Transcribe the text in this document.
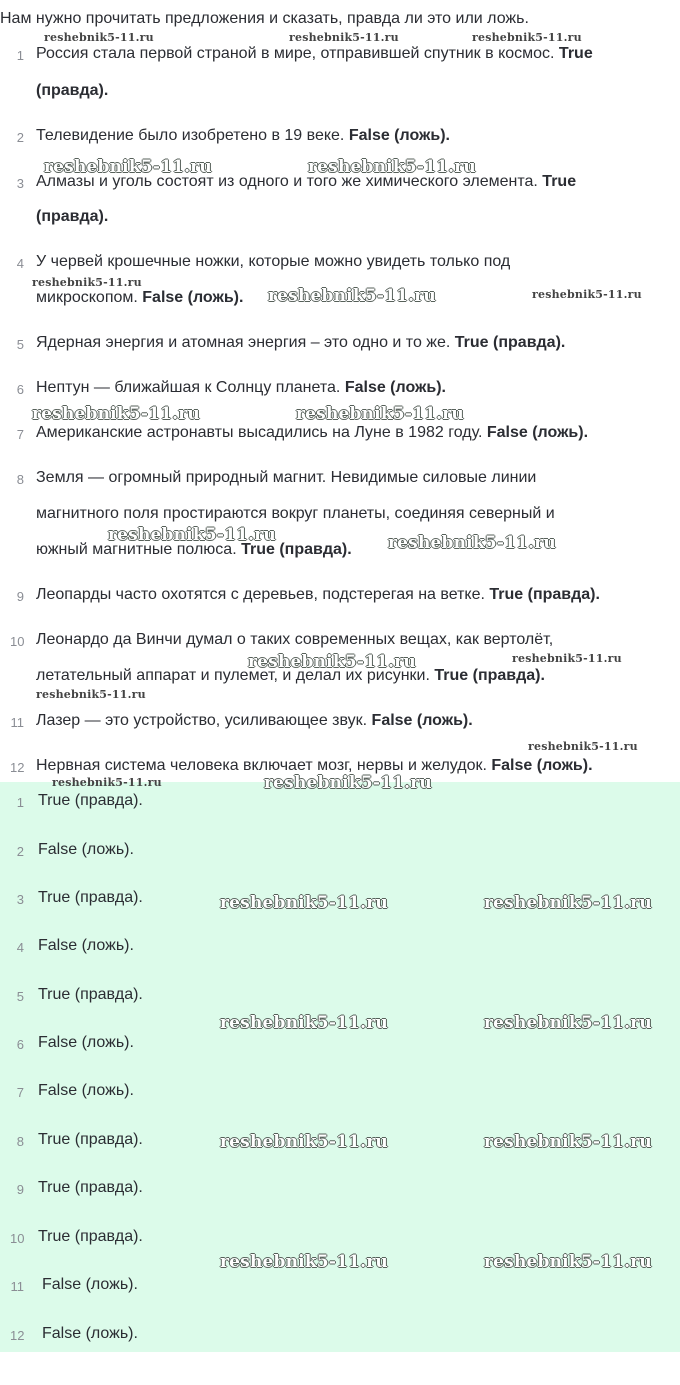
Нам нужно прочитать предложения и сказать, правда ли это или ложь.
1 Россия стала первой страной в мире, отправившей спутник в космос. True
(правда).
2 Телевидение было изобретено в 19 веке. False (ложь).
3 Алмазы и уголь состоят из одного и того же химического элемента. True
(правда).
4 У червей крошечные ножки, которые можно увидеть только под
микроскопом. False (ложь).
5 Ядерная энергия и атомная энергия – это одно и то же. True (правда).
6 Нептун — ближайшая к Солнцу планета. False (ложь).
7 Американские астронавты высадились на Луне в 1982 году. False (ложь).
8 Земля — огромный природный магнит. Невидимые силовые линии
магнитного поля простираются вокруг планеты, соединяя северный и
южный магнитные полюса. True (правда).
9 Леопарды часто охотятся с деревьев, подстерегая на ветке. True (правда).
10 Леонардо да Винчи думал о таких современных вещах, как вертолёт,
летательный аппарат и пулемет, и делал их рисунки. True (правда).
11 Лазер — это устройство, усиливающее звук. False (ложь).
12 Нервная система человека включает мозг, нервы и желудок. False (ложь).
1 True (правда).
2 False (ложь).
3 True (правда).
4 False (ложь).
5 True (правда).
6 False (ложь).
7 False (ложь).
8 True (правда).
9 True (правда).
10 True (правда).
11 False (ложь).
12 False (ложь).
reshebnik5-11.ru	reshebnik5-11.ru	reshebnik5-11.ru
reshebnik5-11.ru	reshebnik5-11.ru
reshebnik5-11.ru
reshebnik5-11.ru	reshebnik5-11.ru
reshebnik5-11.ru	reshebnik5-11.ru
reshebnik5-11.ru	reshebnik5-11.ru
reshebnik5-11.ru	reshebnik5-11.ru
reshebnik5-11.ru
reshebnik5-11.ru
reshebnik5-11.ru	reshebnik5-11.ru
reshebnik5-11.ru	reshebnik5-11.ru
reshebnik5-11.ru	reshebnik5-11.ru
reshebnik5-11.ru	reshebnik5-11.ru
reshebnik5-11.ru	reshebnik5-11.ru
